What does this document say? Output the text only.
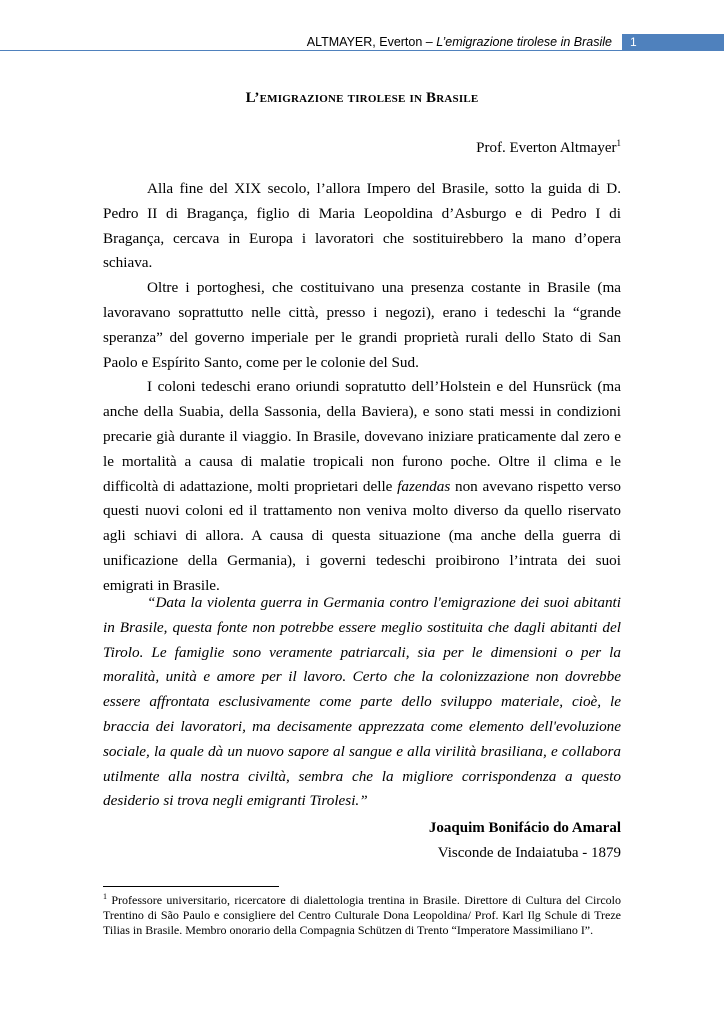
ALTMAYER, Everton – L’emigrazione tirolese in Brasile 1
L’emigrazione tirolese in Brasile
Prof. Everton Altmayer$^1$

Alla fine del XIX secolo, l’allora Impero del Brasile, sotto la guida di D. Pedro II di Bragança, figlio di Maria Leopoldina d’Asburgo e di Pedro I di Bragança, cercava in Europa i lavoratori che sostituirebbero la mano d’opera schiava.

Oltre i portoghesi, che costituivano una presenza costante in Brasile (ma lavoravano soprattutto nelle città, presso i negozi), erano i tedeschi la “grande speranza” del governo imperiale per le grandi proprietà rurali dello Stato di San Paolo e Espírito Santo, come per le colonie del Sud.

I coloni tedeschi erano oriundi sopratutto dell’Holstein e del Hunsrück (ma anche della Suabia, della Sassonia, della Baviera), e sono stati messi in condizioni precarie già durante il viaggio. In Brasile, dovevano iniziare praticamente dal zero e le mortalità a causa di malatie tropicali non furono poche. Oltre il clima e le difficoltà di adattazione, molti proprietari delle fazendas non avevano rispetto verso questi nuovi coloni ed il trattamento non veniva molto diverso da quello riservato agli schiavi di allora. A causa di questa situazione (ma anche della guerra di unificazione della Germania), i governi tedeschi proibirono l’intrata dei suoi emigrati in Brasile.

“Data la violenta guerra in Germania contro l'emigrazione dei suoi abitanti in Brasile, questa fonte non potrebbe essere meglio sostituita che dagli abitanti del Tirolo. Le famiglie sono veramente patriarcali, sia per le dimensioni o per la moralità, unità e amore per il lavoro. Certo che la colonizzazione non dovrebbe essere affrontata esclusivamente come parte dello sviluppo materiale, cioè, le braccia dei lavoratori, ma decisamente apprezzata come elemento dell'evoluzione sociale, la quale dà un nuovo sapore al sangue e alla virilità brasiliana, e collabora utilmente alla nostra civiltà, sembra che la migliore corrispondenza a questo desiderio si trova negli emigranti Tirolesi.”

Joaquim Bonifácio do Amaral
Visconde de Indaiatuba - 1879
$^1$ Professore universitario, ricercatore di dialettologia trentina in Brasile. Direttore di Cultura del Circolo Trentino di São Paulo e consigliere del Centro Culturale Dona Leopoldina/ Prof. Karl Ilg Schule di Treze Tilias in Brasile. Membro onorario della Compagnia Schützen di Trento “Imperatore Massimiliano I”.
